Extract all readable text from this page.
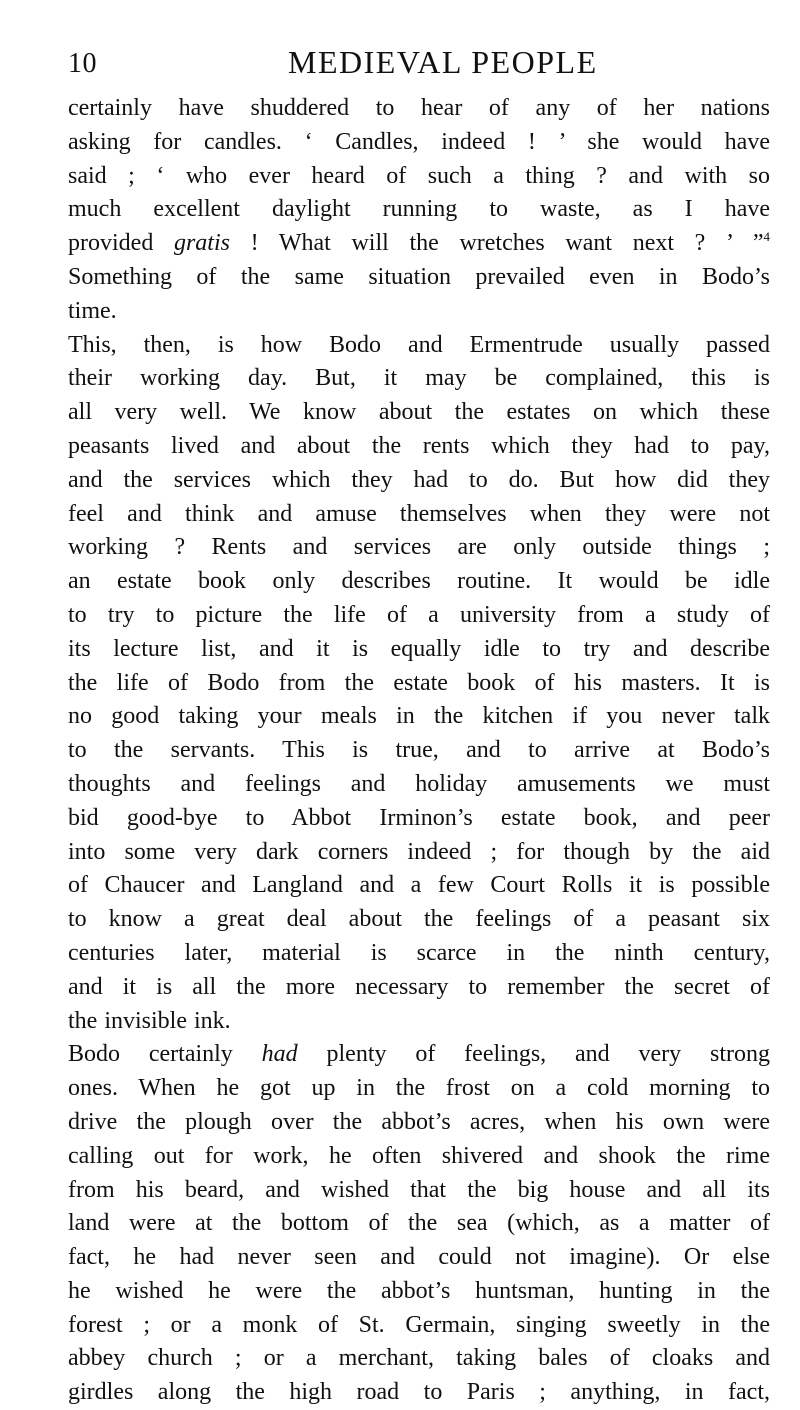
10	MEDIEVAL PEOPLE

certainly have shuddered to hear of any of her nations

asking for candles. ‘ Candles, indeed ! ’ she would have

said ; ‘ who ever heard of such a thing ? and with so

much excellent daylight running to waste, as I have

provided gratis ! What will the wretches want next ? ’ ”$^4$

Something of the same situation prevailed even in Bodo’s

time.

This, then, is how Bodo and Ermentrude usually passed

their working day. But, it may be complained, this is

all very well. We know about the estates on which these

peasants lived and about the rents which they had to pay,

and the services which they had to do. But how did they

feel and think and amuse themselves when they were not

working ? Rents and services are only outside things ;

an estate book only describes routine. It would be idle

to try to picture the life of a university from a study of

its lecture list, and it is equally idle to try and describe

the life of Bodo from the estate book of his masters. It is

no good taking your meals in the kitchen if you never talk

to the servants. This is true, and to arrive at Bodo’s

thoughts and feelings and holiday amusements we must

bid good-bye to Abbot Irminon’s estate book, and peer

into some very dark corners indeed ; for though by the aid

of Chaucer and Langland and a few Court Rolls it is possible

to know a great deal about the feelings of a peasant six

centuries later, material is scarce in the ninth century,

and it is all the more necessary to remember the secret of

the invisible ink.

Bodo certainly had plenty of feelings, and very strong

ones. When he got up in the frost on a cold morning to

drive the plough over the abbot’s acres, when his own were

calling out for work, he often shivered and shook the rime

from his beard, and wished that the big house and all its

land were at the bottom of the sea (which, as a matter of

fact, he had never seen and could not imagine). Or else

he wished he were the abbot’s huntsman, hunting in the

forest ; or a monk of St. Germain, singing sweetly in the

abbey church ; or a merchant, taking bales of cloaks and

girdles along the high road to Paris ; anything, in fact,
